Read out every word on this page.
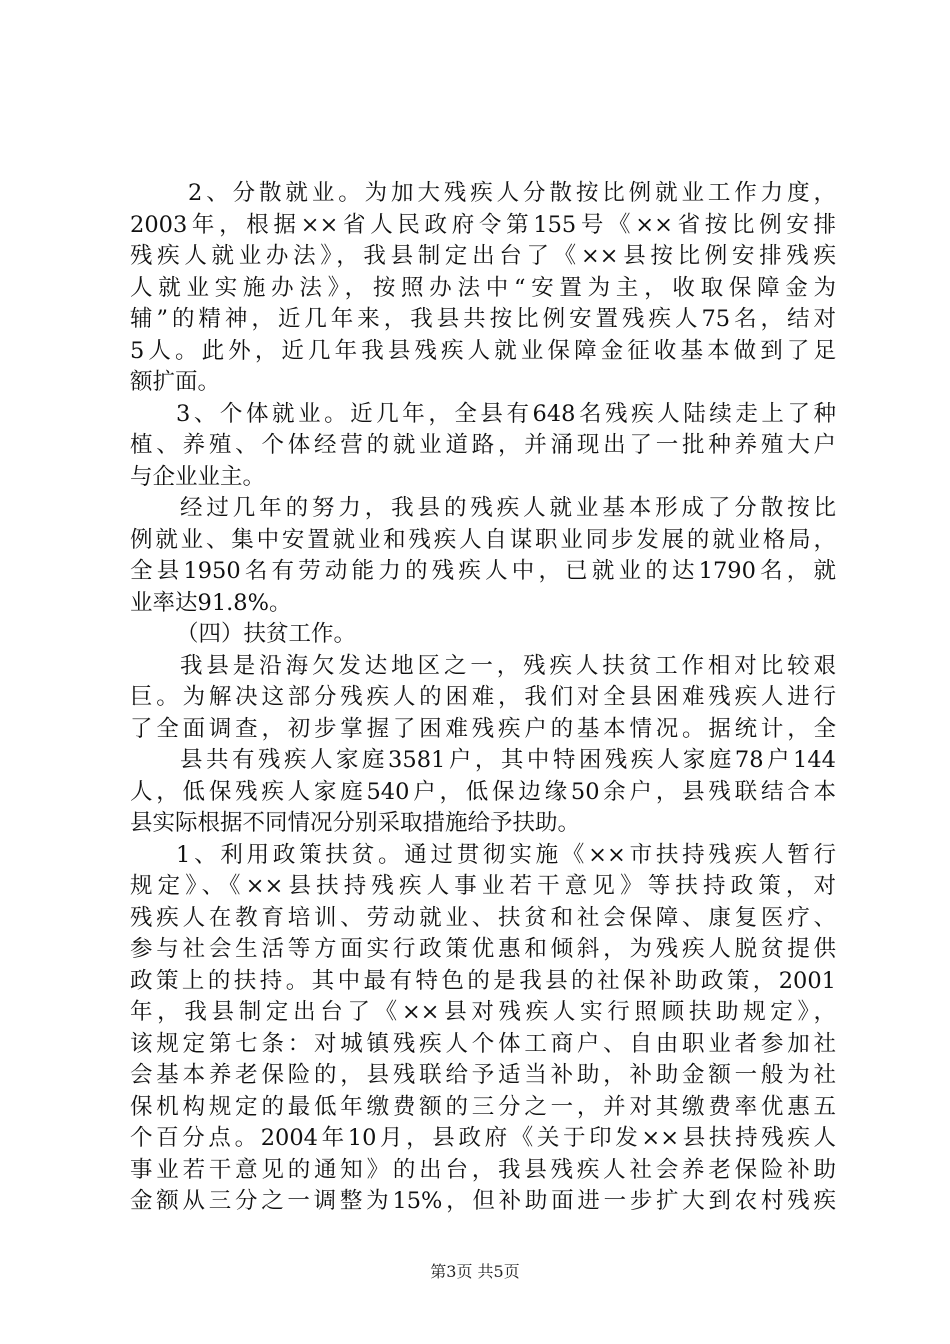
2、分散就业。为加大残疾人分散按比例就业工作力度，
2003年，根据××省人民政府令第155号《××省按比例安排
残疾人就业办法》，我县制定出台了《××县按比例安排残疾
人就业实施办法》，按照办法中“安置为主，收取保障金为
辅”的精神，近几年来，我县共按比例安置残疾人75名，结对
5人。此外，近几年我县残疾人就业保障金征收基本做到了足
额扩面。
3、个体就业。近几年，全县有648名残疾人陆续走上了种
植、养殖、个体经营的就业道路，并涌现出了一批种养殖大户
与企业业主。
经过几年的努力，我县的残疾人就业基本形成了分散按比
例就业、集中安置就业和残疾人自谋职业同步发展的就业格局，
全县1950名有劳动能力的残疾人中，已就业的达1790名，就
业率达91.8%。
（四）扶贫工作。
我县是沿海欠发达地区之一，残疾人扶贫工作相对比较艰
巨。为解决这部分残疾人的困难，我们对全县困难残疾人进行
了全面调查，初步掌握了困难残疾户的基本情况。据统计，全
县共有残疾人家庭3581户，其中特困残疾人家庭78户144
人，低保残疾人家庭540户，低保边缘50余户，县残联结合本
县实际根据不同情况分别采取措施给予扶助。
1、利用政策扶贫。通过贯彻实施《××市扶持残疾人暂行
规定》、《××县扶持残疾人事业若干意见》等扶持政策，对
残疾人在教育培训、劳动就业、扶贫和社会保障、康复医疗、
参与社会生活等方面实行政策优惠和倾斜，为残疾人脱贫提供
政策上的扶持。其中最有特色的是我县的社保补助政策，2001
年，我县制定出台了《××县对残疾人实行照顾扶助规定》，
该规定第七条：对城镇残疾人个体工商户、自由职业者参加社
会基本养老保险的，县残联给予适当补助，补助金额一般为社
保机构规定的最低年缴费额的三分之一，并对其缴费率优惠五
个百分点。2004年10月，县政府《关于印发××县扶持残疾人
事业若干意见的通知》的出台，我县残疾人社会养老保险补助
金额从三分之一调整为15%，但补助面进一步扩大到农村残疾
第3页 共5页
